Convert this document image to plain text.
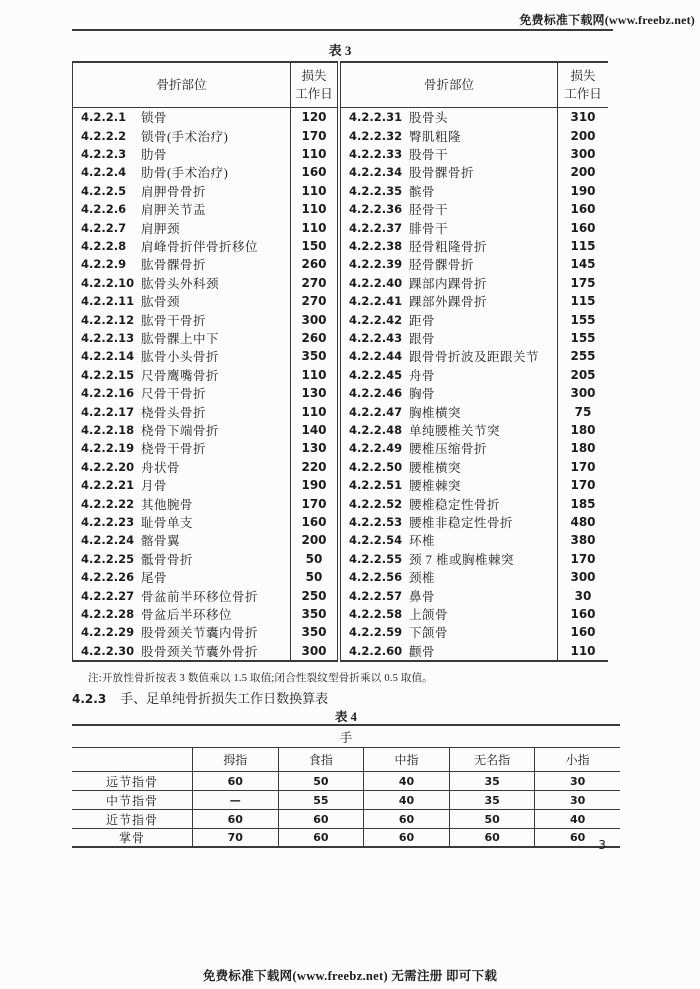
免费标准下载网(www.freebz.net)
表 3
骨折部位
损失
工作日
4.2.2.1	锁骨	120
4.2.2.2	锁骨(手术治疗)	170
4.2.2.3	肋骨	110
4.2.2.4	肋骨(手术治疗)	160
4.2.2.5	肩胛骨骨折	110
4.2.2.6	肩胛关节盂	110
4.2.2.7	肩胛颈	110
4.2.2.8	肩峰骨折伴骨折移位	150
4.2.2.9	肱骨髁骨折	260
4.2.2.10 肱骨头外科颈	270
4.2.2.11 肱骨颈	270
4.2.2.12 肱骨干骨折	300
4.2.2.13 肱骨髁上中下	260
4.2.2.14 肱骨小头骨折	350
4.2.2.15 尺骨鹰嘴骨折	110
4.2.2.16 尺骨干骨折	130
4.2.2.17 桡骨头骨折	110
4.2.2.18 桡骨下端骨折	140
4.2.2.19 桡骨干骨折	130
4.2.2.20 舟状骨	220
4.2.2.21 月骨	190
4.2.2.22 其他腕骨	170
4.2.2.23 耻骨单支	160
4.2.2.24 髂骨翼	200
4.2.2.25 骶骨骨折	50
4.2.2.26 尾骨	50
4.2.2.27 骨盆前半环移位骨折	250
4.2.2.28 骨盆后半环移位	350
4.2.2.29 股骨颈关节囊内骨折	350
4.2.2.30 股骨颈关节囊外骨折	300
骨折部位
损失
工作日
4.2.2.31 股骨头	310
4.2.2.32 臀肌粗隆	200
4.2.2.33 股骨干	300
4.2.2.34 股骨髁骨折	200
4.2.2.35 髌骨	190
4.2.2.36 胫骨干	160
4.2.2.37 腓骨干	160
4.2.2.38 胫骨粗隆骨折	115
4.2.2.39 胫骨髁骨折	145
4.2.2.40 踝部内踝骨折	175
4.2.2.41 踝部外踝骨折	115
4.2.2.42 距骨	155
4.2.2.43 跟骨	155
4.2.2.44 跟骨骨折波及距跟关节	255
4.2.2.45 舟骨	205
4.2.2.46 胸骨	300
4.2.2.47 胸椎横突	75
4.2.2.48 单纯腰椎关节突	180
4.2.2.49 腰椎压缩骨折	180
4.2.2.50 腰椎横突	170
4.2.2.51 腰椎棘突	170
4.2.2.52 腰椎稳定性骨折	185
4.2.2.53 腰椎非稳定性骨折	480
4.2.2.54 环椎	380
4.2.2.55 颈 7 椎或胸椎棘突	170
4.2.2.56 颈椎	300
4.2.2.57 鼻骨	30
4.2.2.58 上颌骨	160
4.2.2.59 下颌骨	160
4.2.2.60 颧骨	110
注:开放性骨折按表 3 数值乘以 1.5 取值;闭合性裂纹型骨折乘以 0.5 取值。
4.2.3 手、足单纯骨折损失工作日数换算表
表 4
手
拇指	食指	中指	无名指	小指
远节指骨	60	50	40	35	30
中节指骨	—	55	40	35	30
近节指骨	60	60	60	50	40
掌骨	70	60	60	60	60
3
免费标准下载网(www.freebz.net) 无需注册 即可下载
